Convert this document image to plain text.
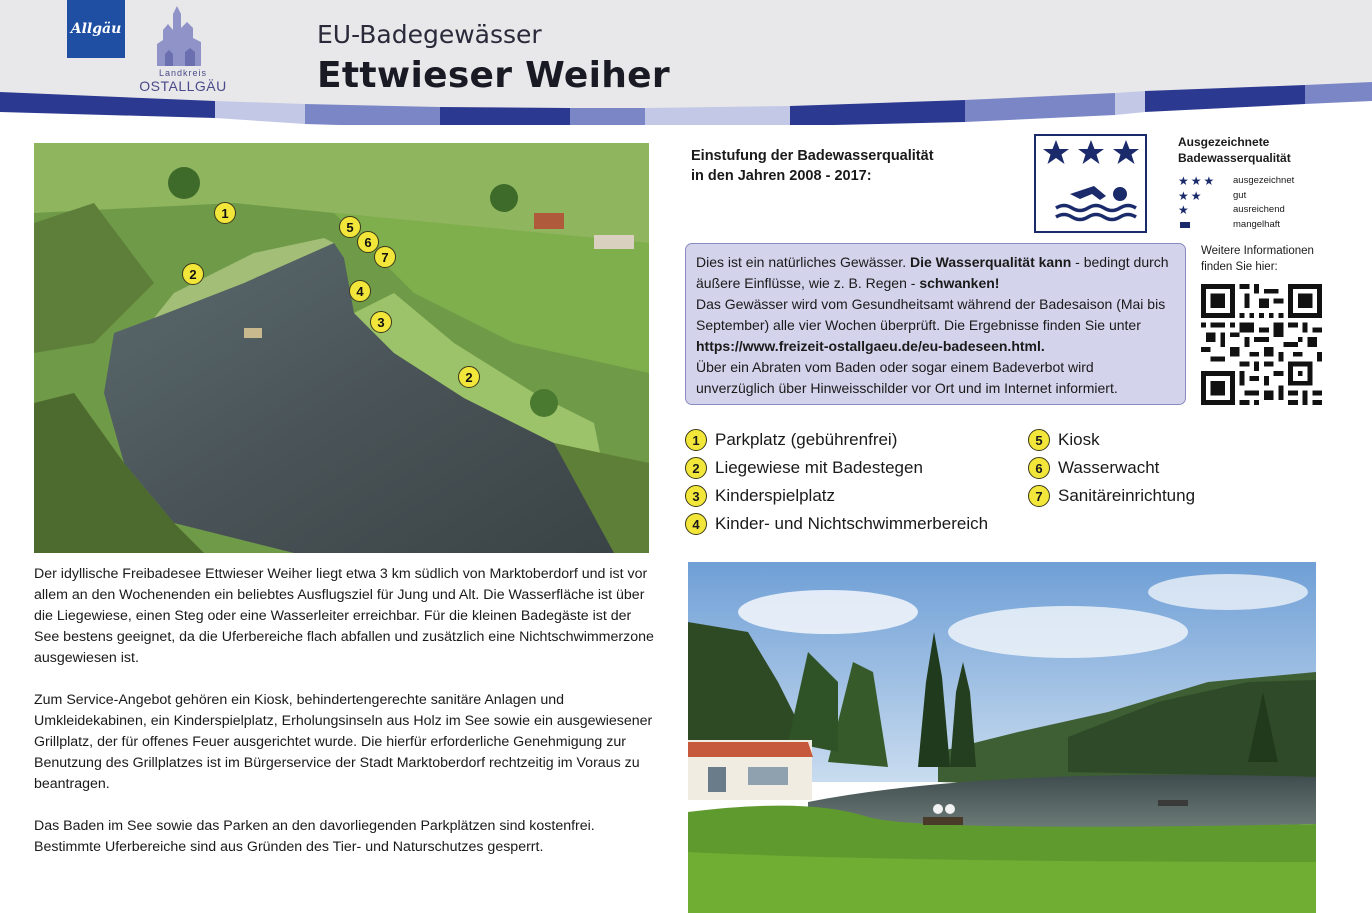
Allgäu
Landkreis
OSTALLGÄU
EU-Badegewässer
Ettwieser Weiher
1
2
5
6
7
4
3
2

Der idyllische Freibadesee Ettwieser Weiher liegt etwa 3 km südlich von Marktoberdorf und ist vor allem an den Wochenenden ein beliebtes Ausflugsziel für Jung und Alt. Die Wasserfläche ist über die Liegewiese, einen Steg oder eine Wasserleiter erreichbar. Für die kleinen Badegäste ist der See bestens geeignet, da die Uferbereiche flach abfallen und zusätzlich eine Nichtschwimmerzone ausgewiesen ist.

Zum Service-Angebot gehören ein Kiosk, behindertengerechte sanitäre Anlagen und Umkleidekabinen, ein Kinderspielplatz, Erholungsinseln aus Holz im See sowie ein ausgewiesener Grillplatz, der für offenes Feuer ausgerichtet wurde. Die hierfür erforderliche Genehmigung zur Benutzung des Grillplatzes ist im Bürgerservice der Stadt Marktoberdorf rechtzeitig im Voraus zu beantragen.

Das Baden im See sowie das Parken an den davorliegenden Parkplätzen sind kostenfrei. Bestimmte Uferbereiche sind aus Gründen des Tier- und Naturschutzes gesperrt.

Einstufung der Badewasserqualität
in den Jahren 2008 - 2017:
Ausgezeichnete
Badewasserqualität
★★★ ausgezeichnet
★★	gut
★	ausreichend
mangelhaft
Dies ist ein natürliches Gewässer. Die Wasserqualität kann - bedingt durch äußere Einflüsse, wie z. B. Regen - schwanken!
Das Gewässer wird vom Gesundheitsamt während der Badesaison (Mai bis September) alle vier Wochen überprüft. Die Ergebnisse finden Sie unter https://www.freizeit-ostallgaeu.de/eu-badeseen.html.
Über ein Abraten vom Baden oder sogar einem Badeverbot wird unverzüglich über Hinweisschilder vor Ort und im Internet informiert.
Weitere Informationen
finden Sie hier:
1 Parkplatz (gebührenfrei)
2 Liegewiese mit Badestegen
3 Kinderspielplatz
4 Kinder- und Nichtschwimmerbereich
5 Kiosk
6 Wasserwacht
7 Sanitäreinrichtung
